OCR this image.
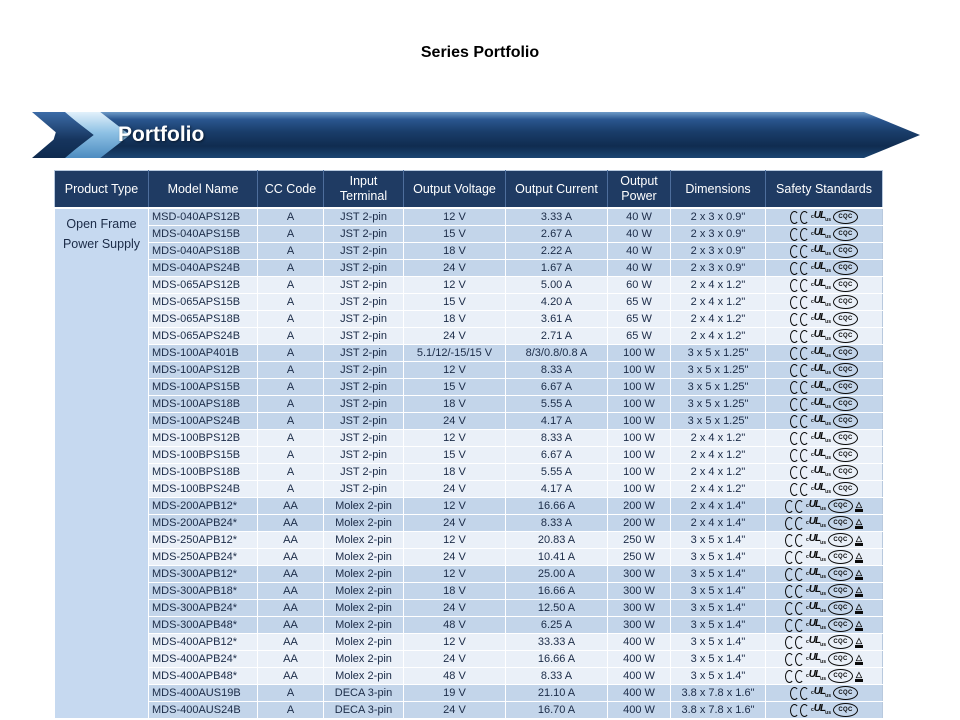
Series Portfolio
Portfolio
Product Type	Model Name	CC Code	Input Terminal	Output Voltage	Output Current	Output Power	Dimensions	Safety Standards
Open Frame Power Supply	MSD-040APS12B	A	JST 2-pin	12 V	3.33 A	40 W	2 x 3 x 0.9"	c UL us
CQC

	MDS-040APS15B	A	JST 2-pin	15 V	2.67 A	40 W	2 x 3 x 0.9"	c UL us
CQC

	MDS-040APS18B	A	JST 2-pin	18 V	2.22 A	40 W	2 x 3 x 0.9"	c UL us
CQC

	MDS-040APS24B	A	JST 2-pin	24 V	1.67 A	40 W	2 x 3 x 0.9"	c UL us
CQC

	MDS-065APS12B	A	JST 2-pin	12 V	5.00 A	60 W	2 x 4 x 1.2"	c UL us
CQC

	MDS-065APS15B	A	JST 2-pin	15 V	4.20 A	65 W	2 x 4 x 1.2"	c UL us
CQC

	MDS-065APS18B	A	JST 2-pin	18 V	3.61 A	65 W	2 x 4 x 1.2"	c UL us
CQC

	MDS-065APS24B	A	JST 2-pin	24 V	2.71 A	65 W	2 x 4 x 1.2"	c UL us
CQC

	MDS-100AP401B	A	JST 2-pin	5.1/12/-15/15 V	8/3/0.8/0.8 A	100 W	3 x 5 x 1.25"	c UL us
CQC

	MDS-100APS12B	A	JST 2-pin	12 V	8.33 A	100 W	3 x 5 x 1.25"	c UL us
CQC

	MDS-100APS15B	A	JST 2-pin	15 V	6.67 A	100 W	3 x 5 x 1.25"	c UL us
CQC

	MDS-100APS18B	A	JST 2-pin	18 V	5.55 A	100 W	3 x 5 x 1.25"	c UL us
CQC

	MDS-100APS24B	A	JST 2-pin	24 V	4.17 A	100 W	3 x 5 x 1.25"	c UL us
CQC

	MDS-100BPS12B	A	JST 2-pin	12 V	8.33 A	100 W	2 x 4 x 1.2"	c UL us
CQC

	MDS-100BPS15B	A	JST 2-pin	15 V	6.67 A	100 W	2 x 4 x 1.2"	c UL us
CQC

	MDS-100BPS18B	A	JST 2-pin	18 V	5.55 A	100 W	2 x 4 x 1.2"	c UL us
CQC

	MDS-100BPS24B	A	JST 2-pin	24 V	4.17 A	100 W	2 x 4 x 1.2"	c UL us
CQC

	MDS-200APB12*	AA	Molex 2-pin	12 V	16.66 A	200 W	2 x 4 x 1.4"	c UL us
CQC △

	MDS-200APB24*	AA	Molex 2-pin	24 V	8.33 A	200 W	2 x 4 x 1.4"	c UL us
CQC △

	MDS-250APB12*	AA	Molex 2-pin	12 V	20.83 A	250 W	3 x 5 x 1.4"	c UL us
CQC △

	MDS-250APB24*	AA	Molex 2-pin	24 V	10.41 A	250 W	3 x 5 x 1.4"	c UL us
CQC △

	MDS-300APB12*	AA	Molex 2-pin	12 V	25.00 A	300 W	3 x 5 x 1.4"	c UL us
CQC △

	MDS-300APB18*	AA	Molex 2-pin	18 V	16.66 A	300 W	3 x 5 x 1.4"	c UL us
CQC △

	MDS-300APB24*	AA	Molex 2-pin	24 V	12.50 A	300 W	3 x 5 x 1.4"	c UL us
CQC △

	MDS-300APB48*	AA	Molex 2-pin	48 V	6.25 A	300 W	3 x 5 x 1.4"	c UL us
CQC △

	MDS-400APB12*	AA	Molex 2-pin	12 V	33.33 A	400 W	3 x 5 x 1.4"	c UL us
CQC △

	MDS-400APB24*	AA	Molex 2-pin	24 V	16.66 A	400 W	3 x 5 x 1.4"	c UL us
CQC △

	MDS-400APB48*	AA	Molex 2-pin	48 V	8.33 A	400 W	3 x 5 x 1.4"	c UL us
CQC △

	MDS-400AUS19B	A	DECA 3-pin	19 V	21.10 A	400 W	3.8 x 7.8 x 1.6"	c UL us
CQC

	MDS-400AUS24B	A	DECA 3-pin	24 V	16.70 A	400 W	3.8 x 7.8 x 1.6"	c UL us
CQC
